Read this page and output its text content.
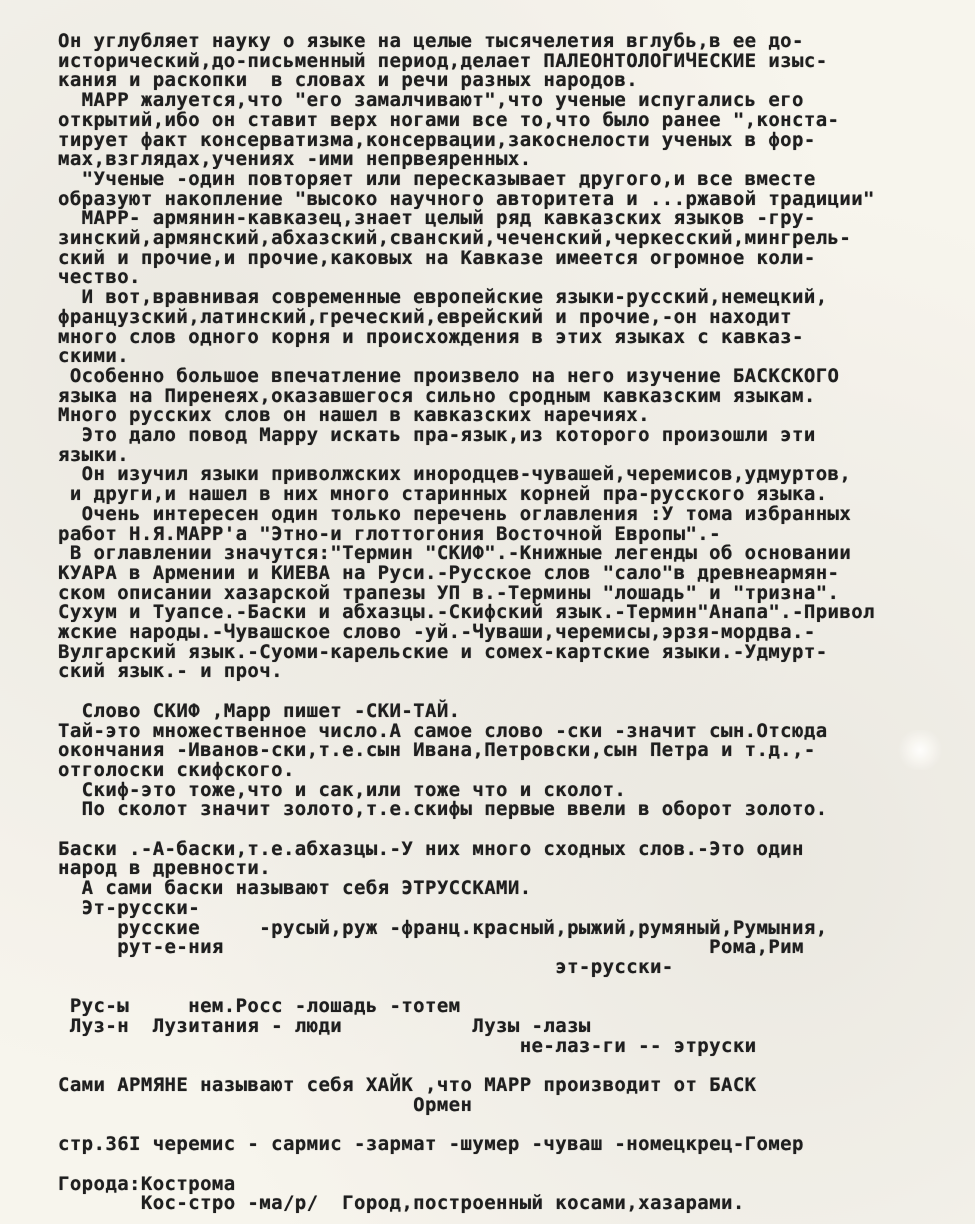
Он углубляет науку о языке на целые тысячелетия вглубь,в ее до-

исторический,до-письменный период,делает ПАЛЕОНТОЛОГИЧЕСКИЕ изыс-

кания и раскопки  в словах и речи разных народов.

МАРР жалуется,что "его замалчивают",что ученые испугались его

открытий,ибо он ставит верх ногами все то,что было ранее ",конста-

тирует факт консерватизма,консервации,закоснелости ученых в фор-

мах,взглядах,учениях -ими непрвеяренных.

"Ученые -один повторяет или пересказывает другого,и все вместе

образуют накопление "высоко научного авторитета и ...ржавой традиции"

МАРР- армянин-кавказец,знает целый ряд кавказских языков -гру-

зинский,армянский,абхазский,сванский,чеченский,черкесский,мингрель-

ский и прочие,и прочие,каковых на Кавказе имеется огромное коли-

чество.

И вот,вравнивая современные европейские языки-русский,немецкий,

французский,латинский,греческий,еврейский и прочие,-он находит

много слов одного корня и происхождения в этих языках с кавказ-

скими.

Особенно большое впечатление произвело на него изучение БАСКСКОГО

языка на Пиренеях,оказавшегося сильно сродным кавказским языкам.

Много русских слов он нашел в кавказских наречиях.

Это дало повод Марру искать пра-язык,из которого произошли эти

языки.

Он изучил языки приволжских инородцев-чувашей,черемисов,удмуртов,

и други,и нашел в них много старинных корней пра-русского языка.

Очень интересен один только перечень оглавления :У тома избранных

работ Н.Я.МАРР'а "Этно-и глоттогония Восточной Европы".-

В оглавлении значутся:"Термин "СКИФ".-Книжные легенды об основании

КУАРА в Армении и КИЕВА на Руси.-Русское слов "сало"в древнеармян-

ском описании хазарской трапезы УП в.-Термины "лошадь" и "тризна".

Сухум и Туапсе.-Баски и абхазцы.-Скифский язык.-Термин"Анапа".-Привол

жские народы.-Чувашское слово -уй.-Чуваши,черемисы,эрзя-мордва.-

Вулгарский язык.-Суоми-карельские и сомех-картские языки.-Удмурт-

ский язык.- и проч.

Слово СКИФ ,Марр пишет -СКИ-ТАЙ.

Тай-это множественное число.А самое слово -ски -значит сын.Отсюда

окончания -Иванов-ски,т.е.сын Ивана,Петровски,сын Петра и т.д.,-

отголоски скифского.

Скиф-это тоже,что и сак,или тоже что и сколот.

По сколот значит золото,т.е.скифы первые ввели в оборот золото.

Баски .-А-баски,т.е.абхазцы.-У них много сходных слов.-Это один

народ в древности.

А сами баски называют себя ЭТРУССКАМИ.

Эт-русски-

русские     -русый,руж -франц.красный,рыжий,румяный,Румыния,

рут-е-ния                                         Рома,Рим

эт-русски-

Рус-ы     нем.Росс -лошадь -тотем

Луз-н  Лузитания - люди           Лузы -лазы

не-лаз-ги -- этруски

Сами АРМЯНЕ называют себя ХАЙК ,что МАРР производит от БАСК

Ормен

стр.36I черемис - сармис -зармат -шумер -чуваш -номецкрец-Гомер

Города:Кострома

Кос-стро -ма/р/  Город,построенный косами,хазарами.
